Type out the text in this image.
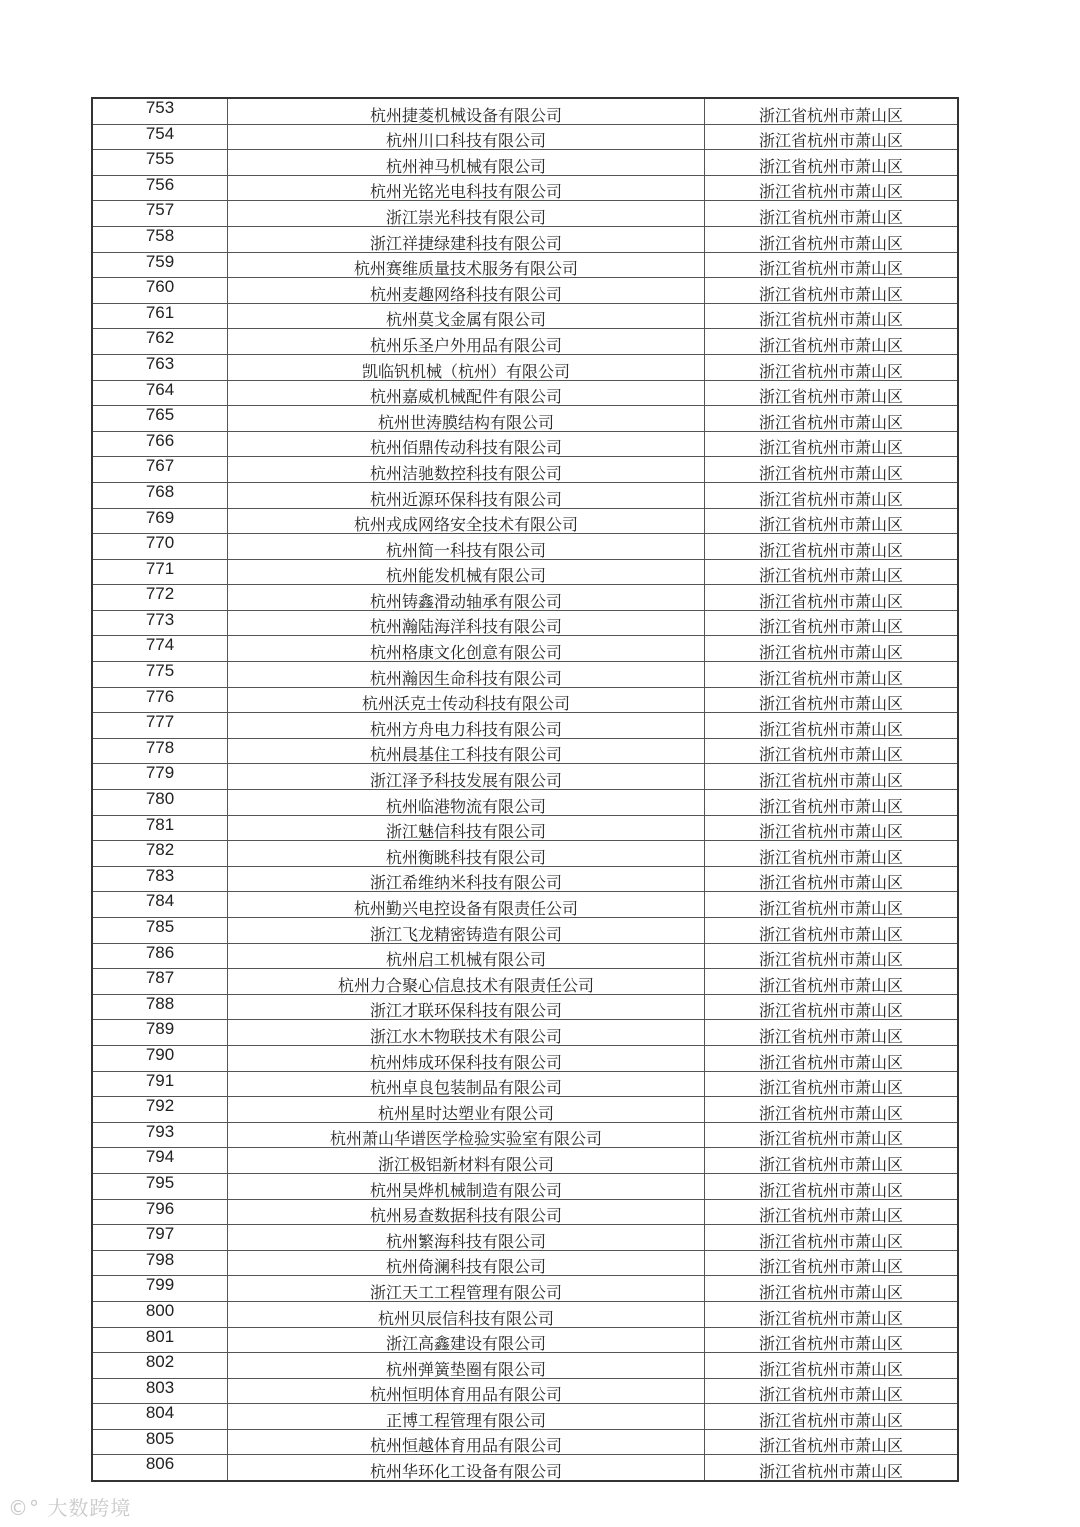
753	杭州捷菱机械设备有限公司	浙江省杭州市萧山区
754	杭州川口科技有限公司	浙江省杭州市萧山区
755	杭州神马机械有限公司	浙江省杭州市萧山区
756	杭州光铭光电科技有限公司	浙江省杭州市萧山区
757	浙江崇光科技有限公司	浙江省杭州市萧山区
758	浙江祥捷绿建科技有限公司	浙江省杭州市萧山区
759	杭州赛维质量技术服务有限公司	浙江省杭州市萧山区
760	杭州麦趣网络科技有限公司	浙江省杭州市萧山区
761	杭州莫戈金属有限公司	浙江省杭州市萧山区
762	杭州乐圣户外用品有限公司	浙江省杭州市萧山区
763	凯临钒机械（杭州）有限公司	浙江省杭州市萧山区
764	杭州嘉威机械配件有限公司	浙江省杭州市萧山区
765	杭州世涛膜结构有限公司	浙江省杭州市萧山区
766	杭州佰鼎传动科技有限公司	浙江省杭州市萧山区
767	杭州洁驰数控科技有限公司	浙江省杭州市萧山区
768	杭州近源环保科技有限公司	浙江省杭州市萧山区
769	杭州戎成网络安全技术有限公司	浙江省杭州市萧山区
770	杭州简一科技有限公司	浙江省杭州市萧山区
771	杭州能发机械有限公司	浙江省杭州市萧山区
772	杭州铸鑫滑动轴承有限公司	浙江省杭州市萧山区
773	杭州瀚陆海洋科技有限公司	浙江省杭州市萧山区
774	杭州格康文化创意有限公司	浙江省杭州市萧山区
775	杭州瀚因生命科技有限公司	浙江省杭州市萧山区
776	杭州沃克士传动科技有限公司	浙江省杭州市萧山区
777	杭州方舟电力科技有限公司	浙江省杭州市萧山区
778	杭州晨基住工科技有限公司	浙江省杭州市萧山区
779	浙江泽予科技发展有限公司	浙江省杭州市萧山区
780	杭州临港物流有限公司	浙江省杭州市萧山区
781	浙江魅信科技有限公司	浙江省杭州市萧山区
782	杭州衡眺科技有限公司	浙江省杭州市萧山区
783	浙江希维纳米科技有限公司	浙江省杭州市萧山区
784	杭州勤兴电控设备有限责任公司	浙江省杭州市萧山区
785	浙江飞龙精密铸造有限公司	浙江省杭州市萧山区
786	杭州启工机械有限公司	浙江省杭州市萧山区
787	杭州力合聚心信息技术有限责任公司	浙江省杭州市萧山区
788	浙江才联环保科技有限公司	浙江省杭州市萧山区
789	浙江水木物联技术有限公司	浙江省杭州市萧山区
790	杭州炜成环保科技有限公司	浙江省杭州市萧山区
791	杭州卓良包装制品有限公司	浙江省杭州市萧山区
792	杭州星时达塑业有限公司	浙江省杭州市萧山区
793	杭州萧山华谱医学检验实验室有限公司	浙江省杭州市萧山区
794	浙江极铝新材料有限公司	浙江省杭州市萧山区
795	杭州昊烨机械制造有限公司	浙江省杭州市萧山区
796	杭州易查数据科技有限公司	浙江省杭州市萧山区
797	杭州繁海科技有限公司	浙江省杭州市萧山区
798	杭州倚澜科技有限公司	浙江省杭州市萧山区
799	浙江天工工程管理有限公司	浙江省杭州市萧山区
800	杭州贝辰信科技有限公司	浙江省杭州市萧山区
801	浙江高鑫建设有限公司	浙江省杭州市萧山区
802	杭州弹簧垫圈有限公司	浙江省杭州市萧山区
803	杭州恒明体育用品有限公司	浙江省杭州市萧山区
804	正博工程管理有限公司	浙江省杭州市萧山区
805	杭州恒越体育用品有限公司	浙江省杭州市萧山区
806	杭州华环化工设备有限公司	浙江省杭州市萧山区
©° 大数跨境
